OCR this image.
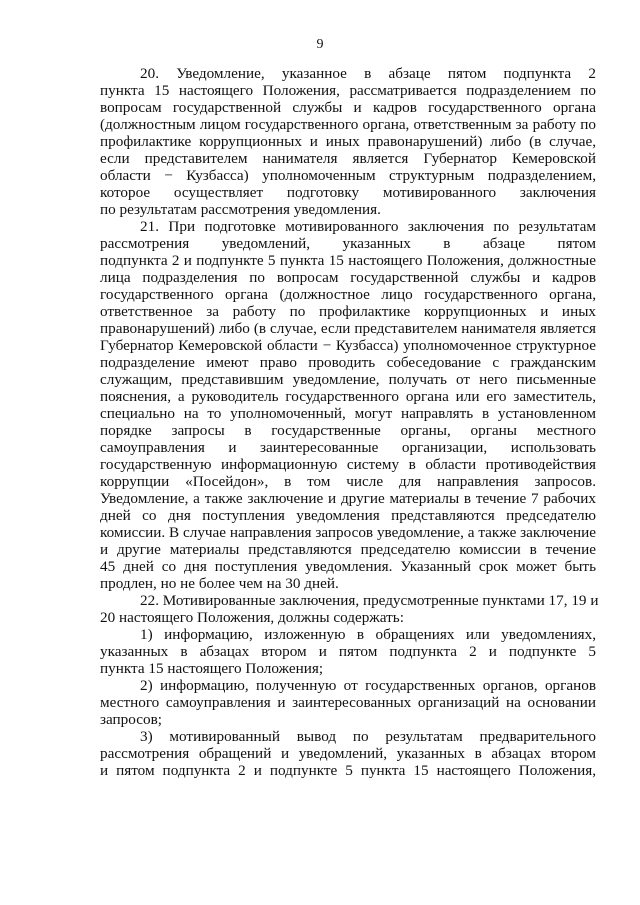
9
20. Уведомление, указанное в абзаце пятом подпункта 2
пункта 15 настоящего Положения, рассматривается подразделением по
вопросам государственной службы и кадров государственного органа
(должностным лицом государственного органа, ответственным за работу по
профилактике коррупционных и иных правонарушений) либо (в случае,
если представителем нанимателя является Губернатор Кемеровской
области − Кузбасса) уполномоченным структурным подразделением,
которое осуществляет подготовку мотивированного заключения
по результатам рассмотрения уведомления.
21. При подготовке мотивированного заключения по результатам
рассмотрения уведомлений, указанных в абзаце пятом
подпункта 2 и подпункте 5 пункта 15 настоящего Положения, должностные
лица подразделения по вопросам государственной службы и кадров
государственного органа (должностное лицо государственного органа,
ответственное за работу по профилактике коррупционных и иных
правонарушений) либо (в случае, если представителем нанимателя является
Губернатор Кемеровской области − Кузбасса) уполномоченное структурное
подразделение имеют право проводить собеседование с гражданским
служащим, представившим уведомление, получать от него письменные
пояснения, а руководитель государственного органа или его заместитель,
специально на то уполномоченный, могут направлять в установленном
порядке запросы в государственные органы, органы местного
самоуправления и заинтересованные организации, использовать
государственную информационную систему в области противодействия
коррупции «Посейдон», в том числе для направления запросов.
Уведомление, а также заключение и другие материалы в течение 7 рабочих
дней со дня поступления уведомления представляются председателю
комиссии. В случае направления запросов уведомление, а также заключение
и другие материалы представляются председателю комиссии в течение
45 дней со дня поступления уведомления. Указанный срок может быть
продлен, но не более чем на 30 дней.
22. Мотивированные заключения, предусмотренные пунктами 17, 19 и
20 настоящего Положения, должны содержать:
1) информацию, изложенную в обращениях или уведомлениях,
указанных в абзацах втором и пятом подпункта 2 и подпункте 5
пункта 15 настоящего Положения;
2) информацию, полученную от государственных органов, органов
местного самоуправления и заинтересованных организаций на основании
запросов;
3) мотивированный вывод по результатам предварительного
рассмотрения обращений и уведомлений, указанных в абзацах втором
и пятом подпункта 2 и подпункте 5 пункта 15 настоящего Положения,
